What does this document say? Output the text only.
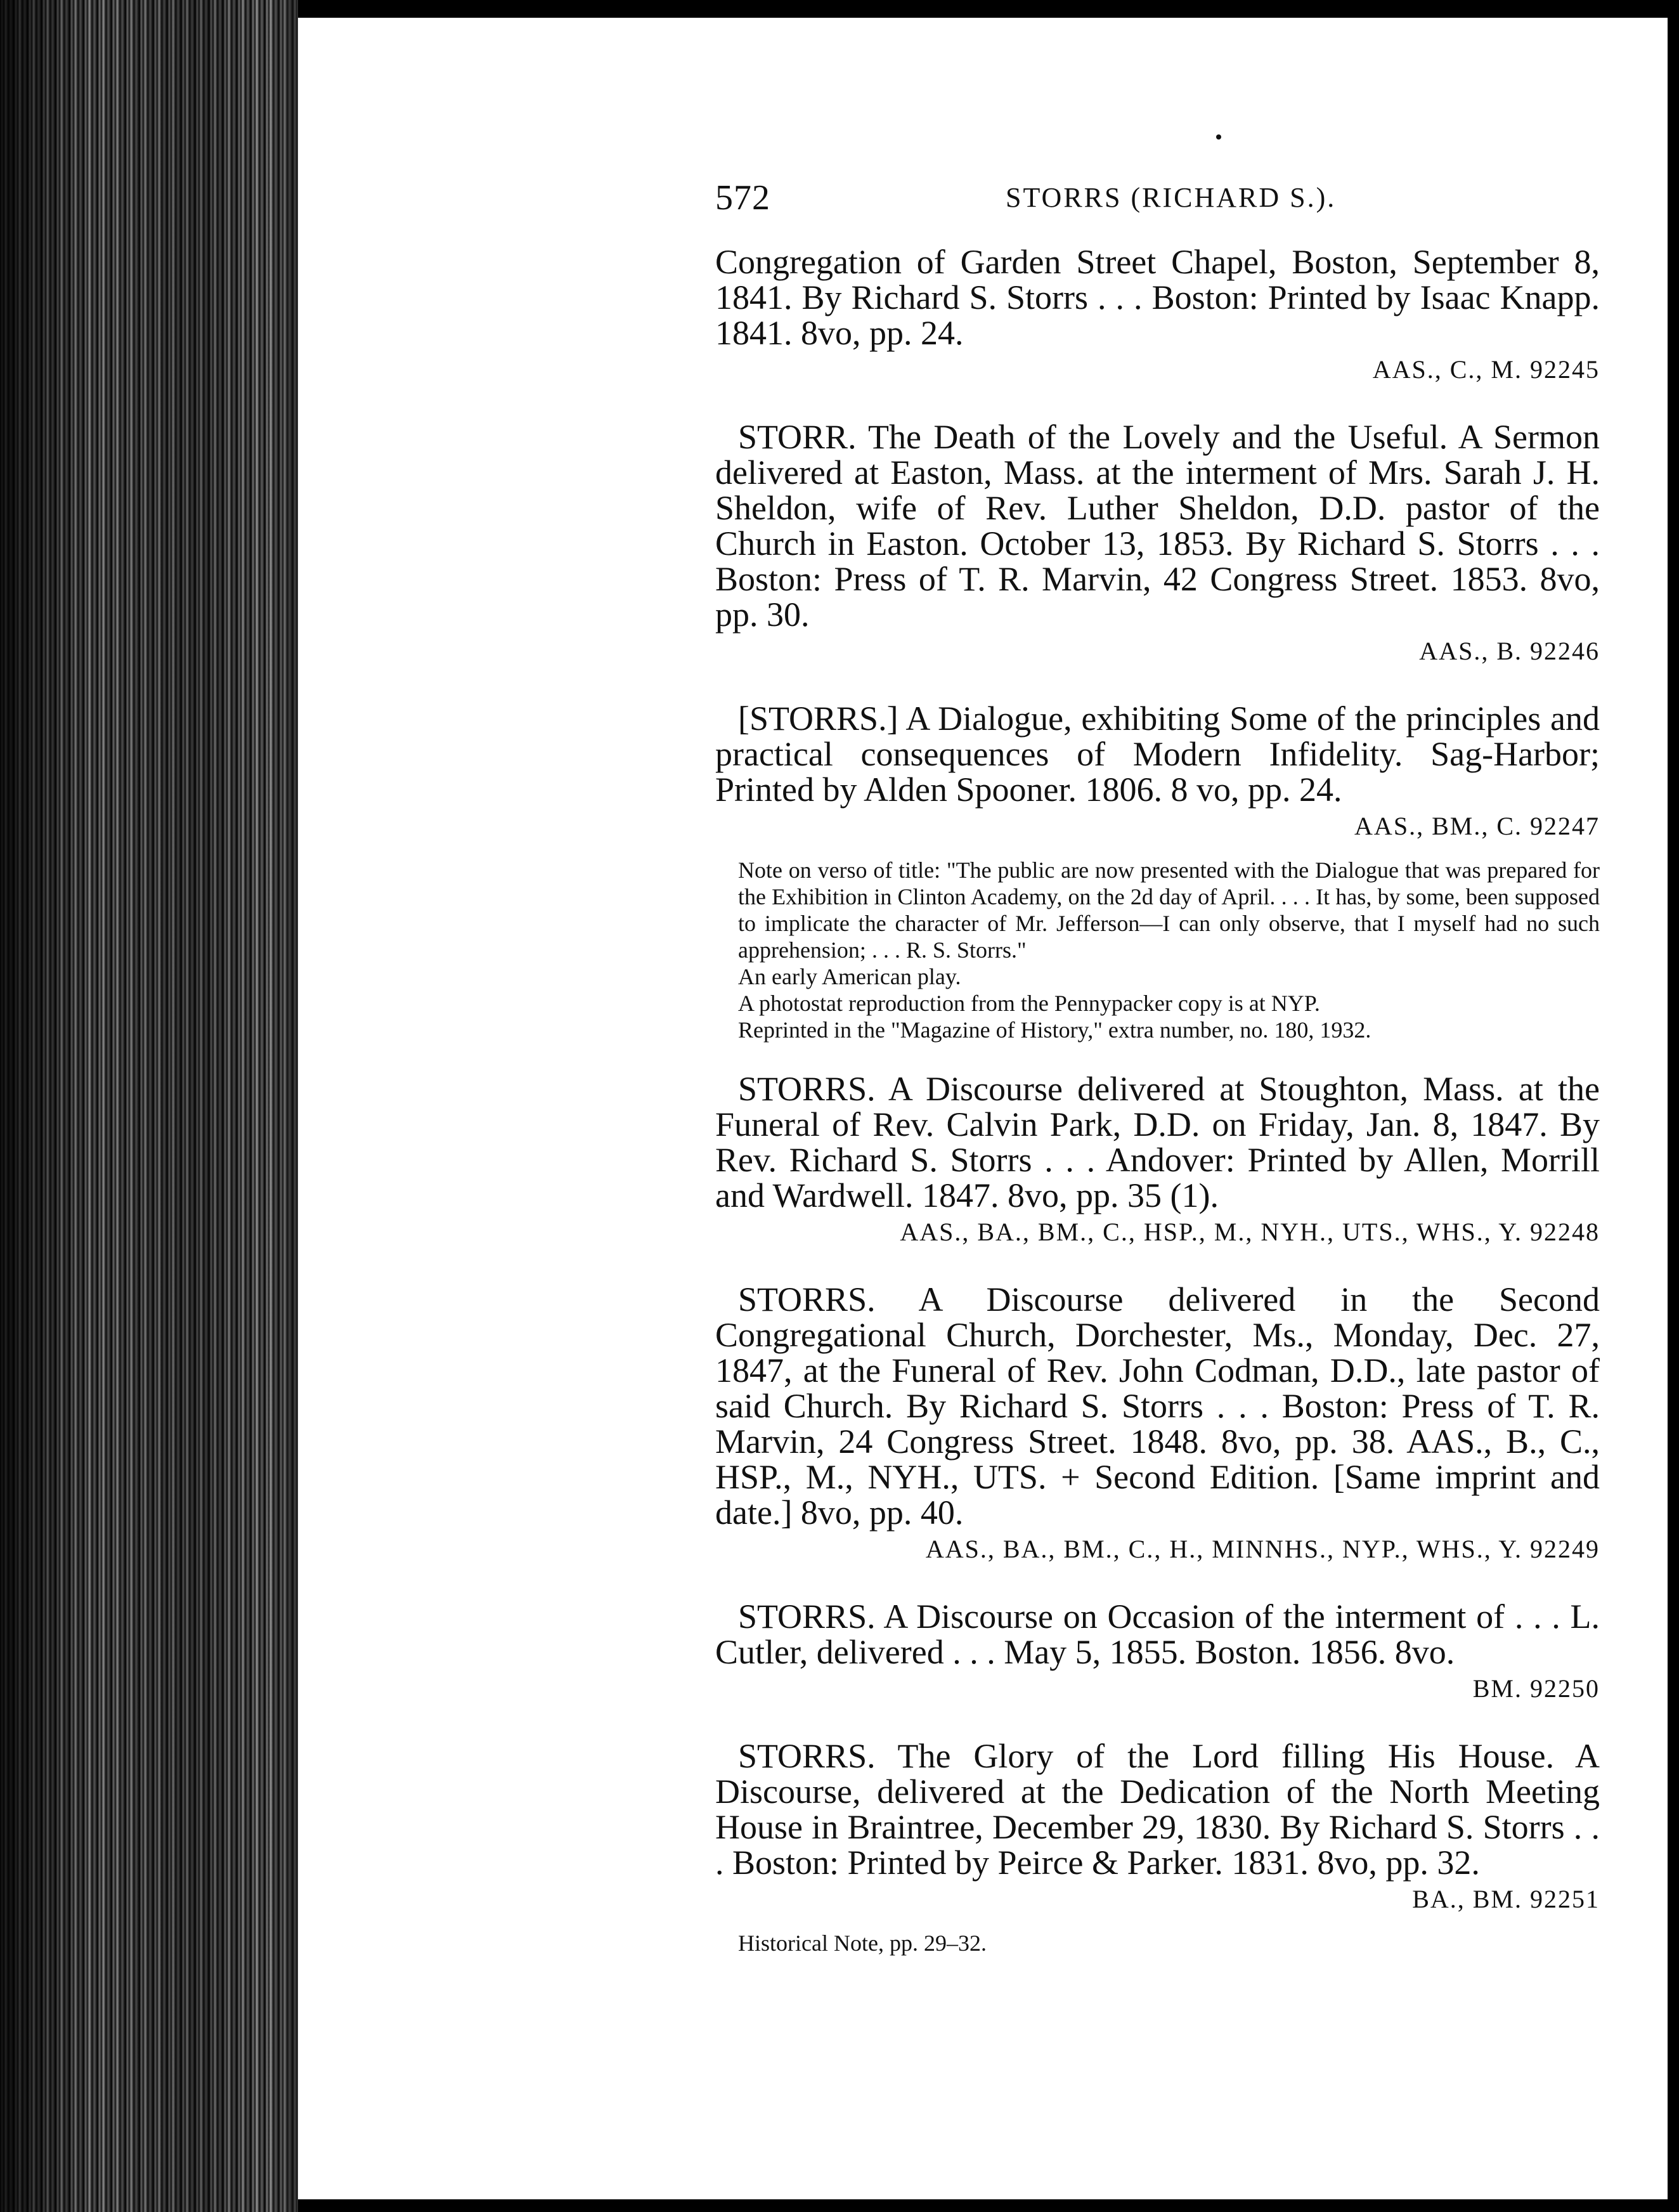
572	STORRS (RICHARD S.).

Congregation of Garden Street Chapel, Boston, September 8, 1841. By Richard S. Storrs . . . Boston: Printed by Isaac Knapp. 1841. 8vo, pp. 24.

AAS., C., M. 92245

STORR. The Death of the Lovely and the Useful. A Sermon delivered at Easton, Mass. at the interment of Mrs. Sarah J. H. Sheldon, wife of Rev. Luther Sheldon, D.D. pastor of the Church in Easton. October 13, 1853. By Richard S. Storrs . . . Boston: Press of T. R. Marvin, 42 Congress Street. 1853. 8vo, pp. 30.

AAS., B. 92246

[STORRS.] A Dialogue, exhibiting Some of the principles and practical consequences of Modern Infidelity. Sag-Harbor; Printed by Alden Spooner. 1806. 8 vo, pp. 24.

AAS., BM., C. 92247
Note on verso of title: "The public are now presented with the Dialogue that was prepared for the Exhibition in Clinton Academy, on the 2d day of April. . . . It has, by some, been supposed to implicate the character of Mr. Jefferson—I can only observe, that I myself had no such apprehension; . . . R. S. Storrs."
An early American play.
A photostat reproduction from the Pennypacker copy is at NYP.
Reprinted in the "Magazine of History," extra number, no. 180, 1932.

STORRS. A Discourse delivered at Stoughton, Mass. at the Funeral of Rev. Calvin Park, D.D. on Friday, Jan. 8, 1847. By Rev. Richard S. Storrs . . . Andover: Printed by Allen, Morrill and Wardwell. 1847. 8vo, pp. 35 (1).

AAS., BA., BM., C., HSP., M., NYH., UTS., WHS., Y. 92248

STORRS. A Discourse delivered in the Second Congregational Church, Dorchester, Ms., Monday, Dec. 27, 1847, at the Funeral of Rev. John Codman, D.D., late pastor of said Church. By Richard S. Storrs . . . Boston: Press of T. R. Marvin, 24 Congress Street. 1848. 8vo, pp. 38. AAS., B., C., HSP., M., NYH., UTS. + Second Edition. [Same imprint and date.] 8vo, pp. 40.

AAS., BA., BM., C., H., MINNHS., NYP., WHS., Y. 92249

STORRS. A Discourse on Occasion of the interment of . . . L. Cutler, delivered . . . May 5, 1855. Boston. 1856. 8vo.

BM. 92250

STORRS. The Glory of the Lord filling His House. A Discourse, delivered at the Dedication of the North Meeting House in Braintree, December 29, 1830. By Richard S. Storrs . . . Boston: Printed by Peirce & Parker. 1831. 8vo, pp. 32.

BA., BM. 92251
Historical Note, pp. 29–32.
